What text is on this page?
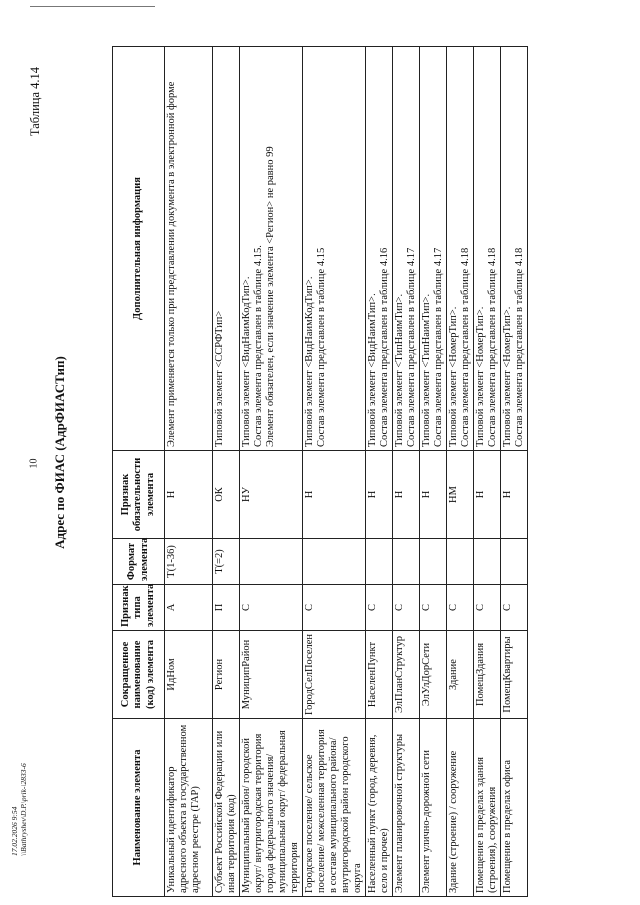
10
17.02.2026 9:54 \\Bathryshev\D.P.\prik-\2833-6
Таблица 4.14
Адрес по ФИАС (АдрФИАСТип)
Наименование элемента	Сокращенное наименование (код) элемента	Признак типа элемента	Формат элемента	Признак обязательности элемента	Дополнительная информация
Уникальный идентификатор адресного объекта в государственном адресном реестре (ГАР)	ИдНом	А	Т(1-36)	Н	Элемент применяется только при представлении документа в электронной форме

Субъект Российской Федерации или иная территория (код)	Регион	П	Т(=2)	ОК	Типовой элемент <ССРФТип>

Муниципальный район/ городской округ/ внутригородская территория города федерального значения/ муниципальный округ/ федеральная территория	МуниципРайон	С		НУ	Типовой элемент <ВидНаимКодТип>. Состав элемента представлен в таблице 4.15. Элемент обязателен, если значение элемента <Регион> не равно 99

Городское поселение/ сельское поселение/ межселенная территория в составе муниципального района/ внутригородской район городского округа	ГородСелПоселен	С		Н	Типовой элемент <ВидНаимКодТип>. Состав элемента представлен в таблице 4.15

Населенный пункт (город, деревня, село и прочее)	НаселенПункт	С		Н	Типовой элемент <ВидНаимТип>. Состав элемента представлен в таблице 4.16

Элемент планировочной структуры	ЭлПланСтруктур	С		Н	Типовой элемент <ТипНаимТип>. Состав элемента представлен в таблице 4.17

Элемент улично-дорожной сети	ЭлУлДорСети	С		Н	Типовой элемент <ТипНаимТип>. Состав элемента представлен в таблице 4.17

Здание (строение) / сооружение	Здание	С		НМ	Типовой элемент <НомерТип>. Состав элемента представлен в таблице 4.18

Помещение в пределах здания (строения), сооружения	ПомещЗдания	С		Н	Типовой элемент <НомерТип>. Состав элемента представлен в таблице 4.18

Помещение в пределах офиса	ПомещКвартиры	С		Н	Типовой элемент <НомерТип>. Состав элемента представлен в таблице 4.18
